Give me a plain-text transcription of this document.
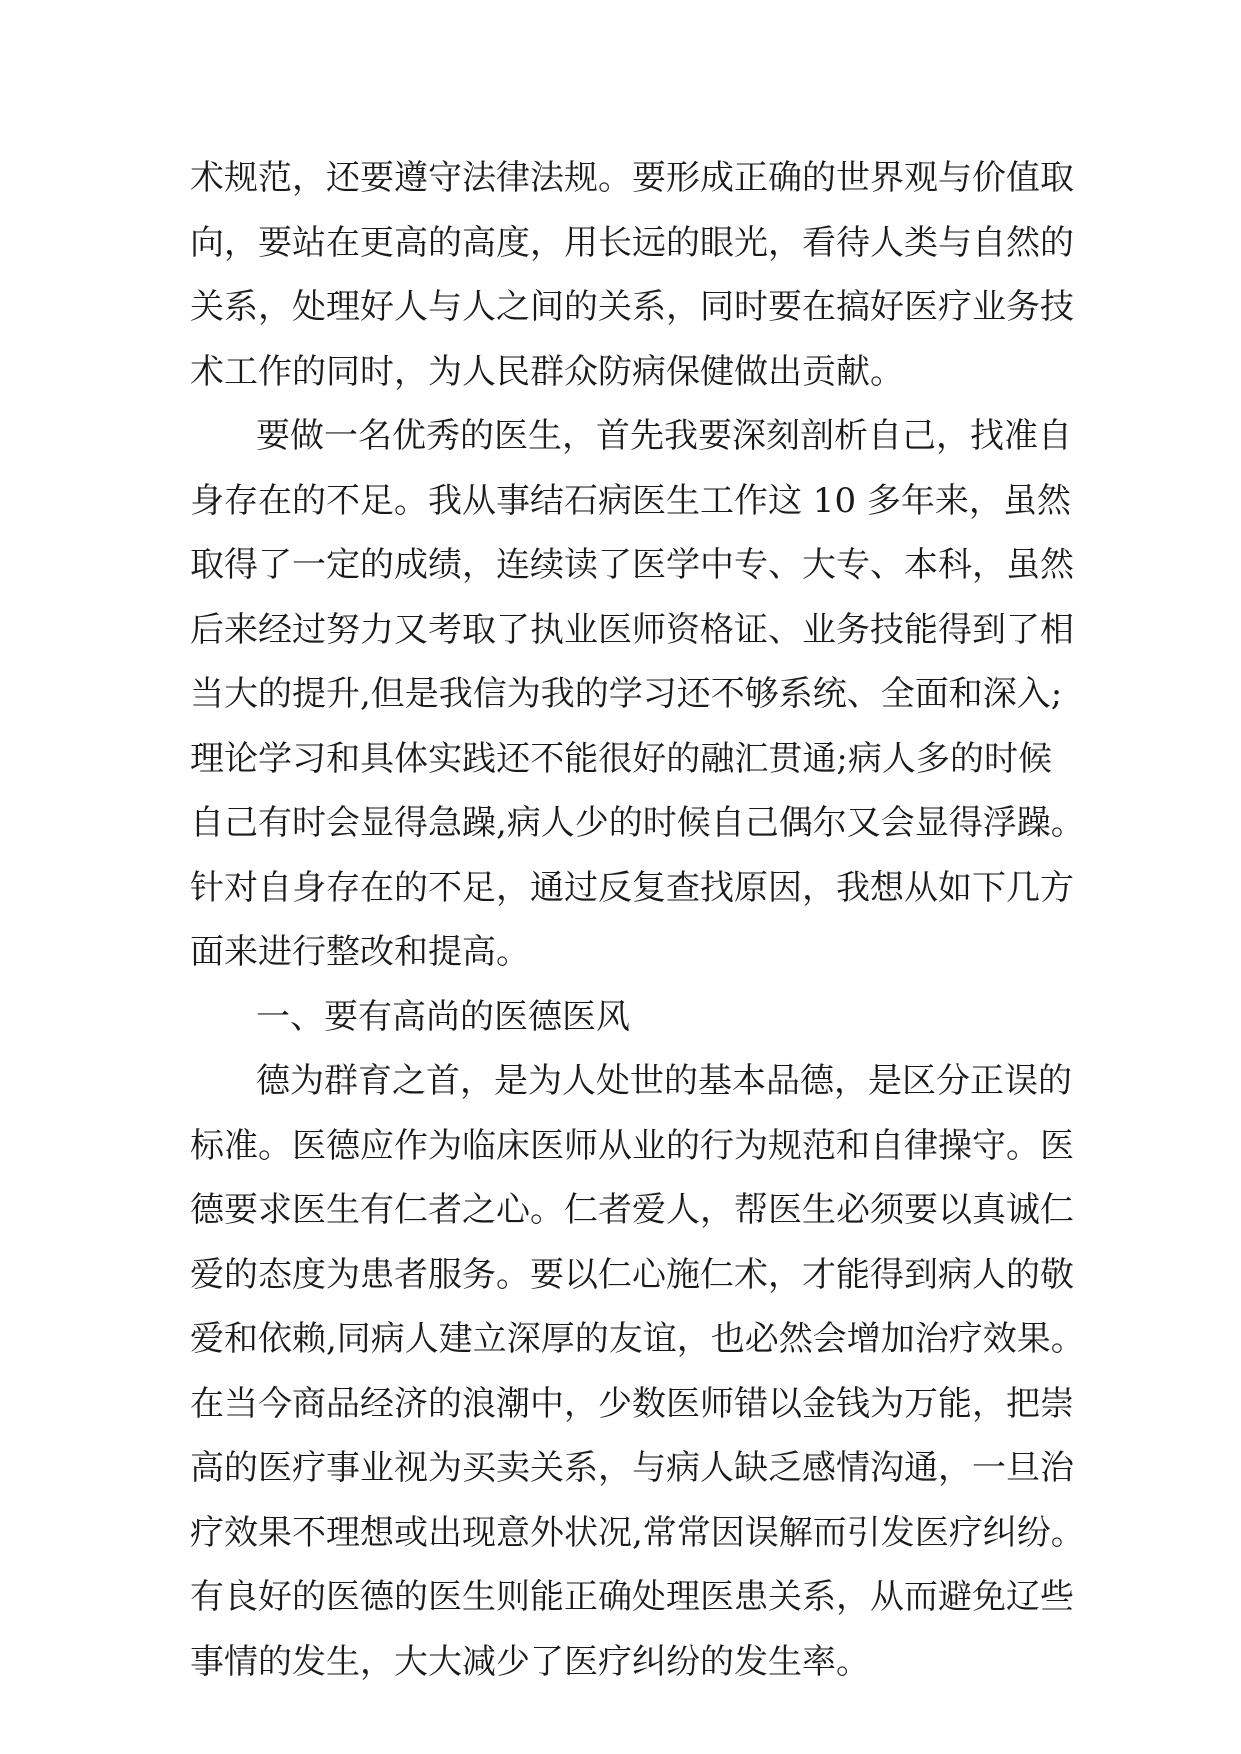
术规范，还要遵守法律法规。要形成正确的世界观与价值取
向，要站在更高的高度，用长远的眼光，看待人类与自然的
关系，处理好人与人之间的关系，同时要在搞好医疗业务技
术工作的同时，为人民群众防病保健做出贡献。
要做一名优秀的医生，首先我要深刻剖析自己，找准自
身存在的不足。我从事结石病医生工作这 10 多年来，虽然
取得了一定的成绩，连续读了医学中专、大专、本科，虽然
后来经过努力又考取了执业医师资格证、业务技能得到了相
当大的提升,但是我信为我的学习还不够系统、全面和深入;
理论学习和具体实践还不能很好的融汇贯通;病人多的时候
自己有时会显得急躁,病人少的时候自己偶尔又会显得浮躁。
针对自身存在的不足，通过反复查找原因，我想从如下几方
面来进行整改和提高。
一、要有高尚的医德医风
德为群育之首，是为人处世的基本品德，是区分正误的
标准。医德应作为临床医师从业的行为规范和自律操守。医
德要求医生有仁者之心。仁者爱人，帮医生必须要以真诚仁
爱的态度为患者服务。要以仁心施仁术，才能得到病人的敬
爱和依赖,同病人建立深厚的友谊，也必然会增加治疗效果。
在当今商品经济的浪潮中，少数医师错以金钱为万能，把崇
高的医疗事业视为买卖关系，与病人缺乏感情沟通，一旦治
疗效果不理想或出现意外状况,常常因误解而引发医疗纠纷。
有良好的医德的医生则能正确处理医患关系，从而避免辽些
事情的发生，大大减少了医疗纠纷的发生率。
